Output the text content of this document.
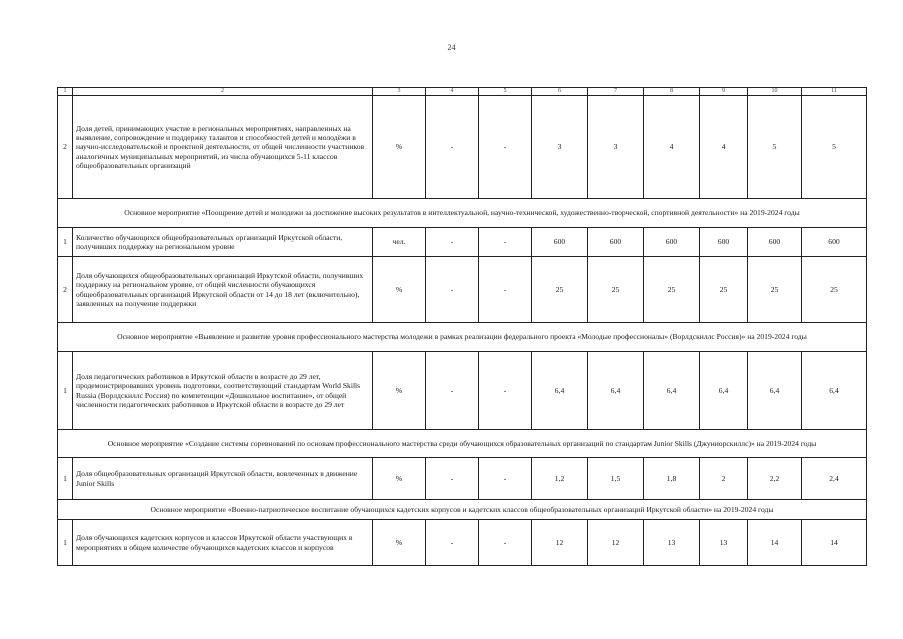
24
1	2	3	4	5	6	7	8	9	10	11
2	Доля детей, принимающих участие в региональных мероприятиях, направленных на выявление, сопровождение и поддержку талантов и способностей детей и молодёжи в научно-исследовательской и проектной деятельности, от общей численности участников аналогичных муниципальных мероприятий, из числа обучающихся 5-11 классов общеобразовательных организаций	%	-	-	3	3	4	4	5	5
Основное мероприятие «Поощрение детей и молодежи за достижение высоких результатов в интеллектуальной, научно-технической, художественно-творческой, спортивной деятельности» на 2019-2024 годы										
1	Количество обучающихся общеобразовательных организаций Иркутской области, получивших поддержку на региональном уровне	чел.	-	-	600	600	600	600	600	600
2	Доля обучающихся общеобразовательных организаций Иркутской области, получивших поддержку на региональном уровне, от общей численности обучающихся общеобразовательных организаций Иркутской области от 14 до 18 лет (включительно), заявленных на получение поддержки	%	-	-	25	25	25	25	25	25
Основное мероприятие «Выявление и развитие уровня профессионального мастерства молодежи в рамках реализации федерального проекта «Молодые профессионалы» (Ворлдскиллс Россия)» на 2019-2024 годы										
1	Доля педагогических работников в Иркутской области в возрасте до 29 лет, продемонстрировавших уровень подготовки, соответствующий стандартам World Skills Russia (Ворлдскиллс Россия) по компетенции «Дошкольное воспитание», от общей численности педагогических работников в Иркутской области в возрасте до 29 лет	%	-	-	6,4	6,4	6,4	6,4	6,4	6,4
Основное мероприятие «Создание системы соревнований по основам профессионального мастерства среди обучающихся образовательных организаций по стандартам Junior Skills (Джуниорскиллс)» на 2019-2024 годы										
1	Доля общеобразовательных организаций Иркутской области, вовлеченных в движение Junior Skills	%	-	-	1,2	1,5	1,8	2	2,2	2,4
Основное мероприятие «Военно-патриотическое воспитание обучающихся кадетских корпусов и кадетских классов общеобразовательных организаций Иркутской области» на 2019-2024 годы										
1	Доля обучающихся кадетских корпусов и классов Иркутской области участвующих в мероприятиях в общем количестве обучающихся кадетских классов и корпусов	%	-	-	12	12	13	13	14	14
